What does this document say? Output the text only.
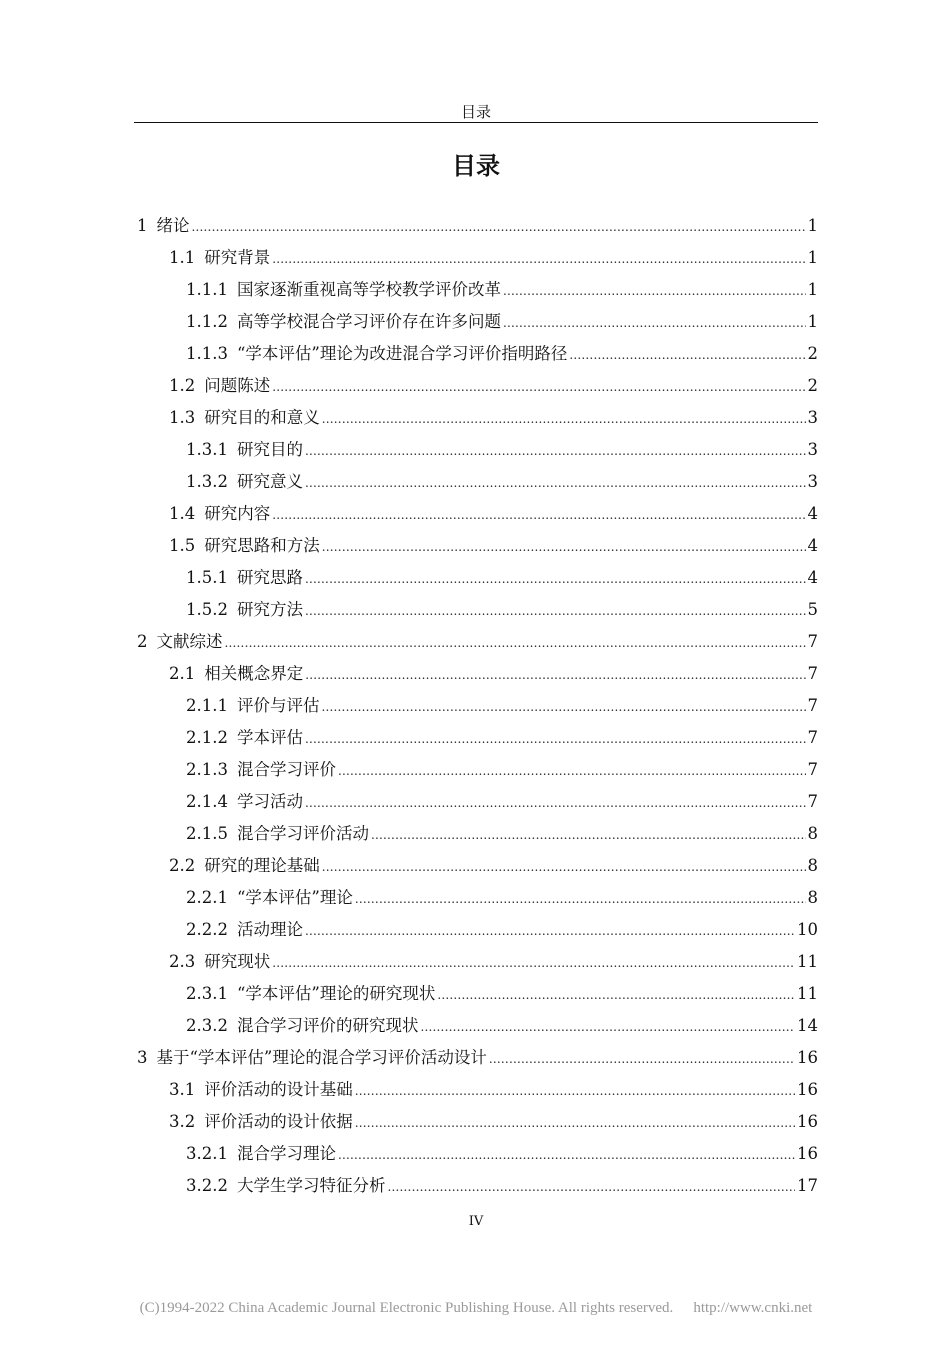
目录
目录
1 绪论 .....	1
1.1 研究背景 .....	1
1.1.1 国家逐渐重视高等学校教学评价改革 .....	1
1.1.2 高等学校混合学习评价存在许多问题 .....	1
1.1.3 “学本评估”理论为改进混合学习评价指明路径 .....	2
1.2 问题陈述 .....	2
1.3 研究目的和意义 .....	3
1.3.1 研究目的 .....	3
1.3.2 研究意义 .....	3
1.4 研究内容 .....	4
1.5 研究思路和方法 .....	4
1.5.1 研究思路 .....	4
1.5.2 研究方法 .....	5
2 文献综述 .....	7
2.1 相关概念界定 .....	7
2.1.1 评价与评估 .....	7
2.1.2 学本评估 .....	7
2.1.3 混合学习评价 .....	7
2.1.4 学习活动 .....	7
2.1.5 混合学习评价活动 .....	8
2.2 研究的理论基础 .....	8
2.2.1 “学本评估”理论 .....	8
2.2.2 活动理论 .....	10
2.3 研究现状 .....	11
2.3.1 “学本评估”理论的研究现状 .....	11
2.3.2 混合学习评价的研究现状 .....	14
3 基于“学本评估”理论的混合学习评价活动设计 .....	16
3.1 评价活动的设计基础 .....	16
3.2 评价活动的设计依据 .....	16
3.2.1 混合学习理论 .....	16
3.2.2 大学生学习特征分析 .....	17
IV
(C)1994-2022 China Academic Journal Electronic Publishing House. All rights reserved. http://www.cnki.net
